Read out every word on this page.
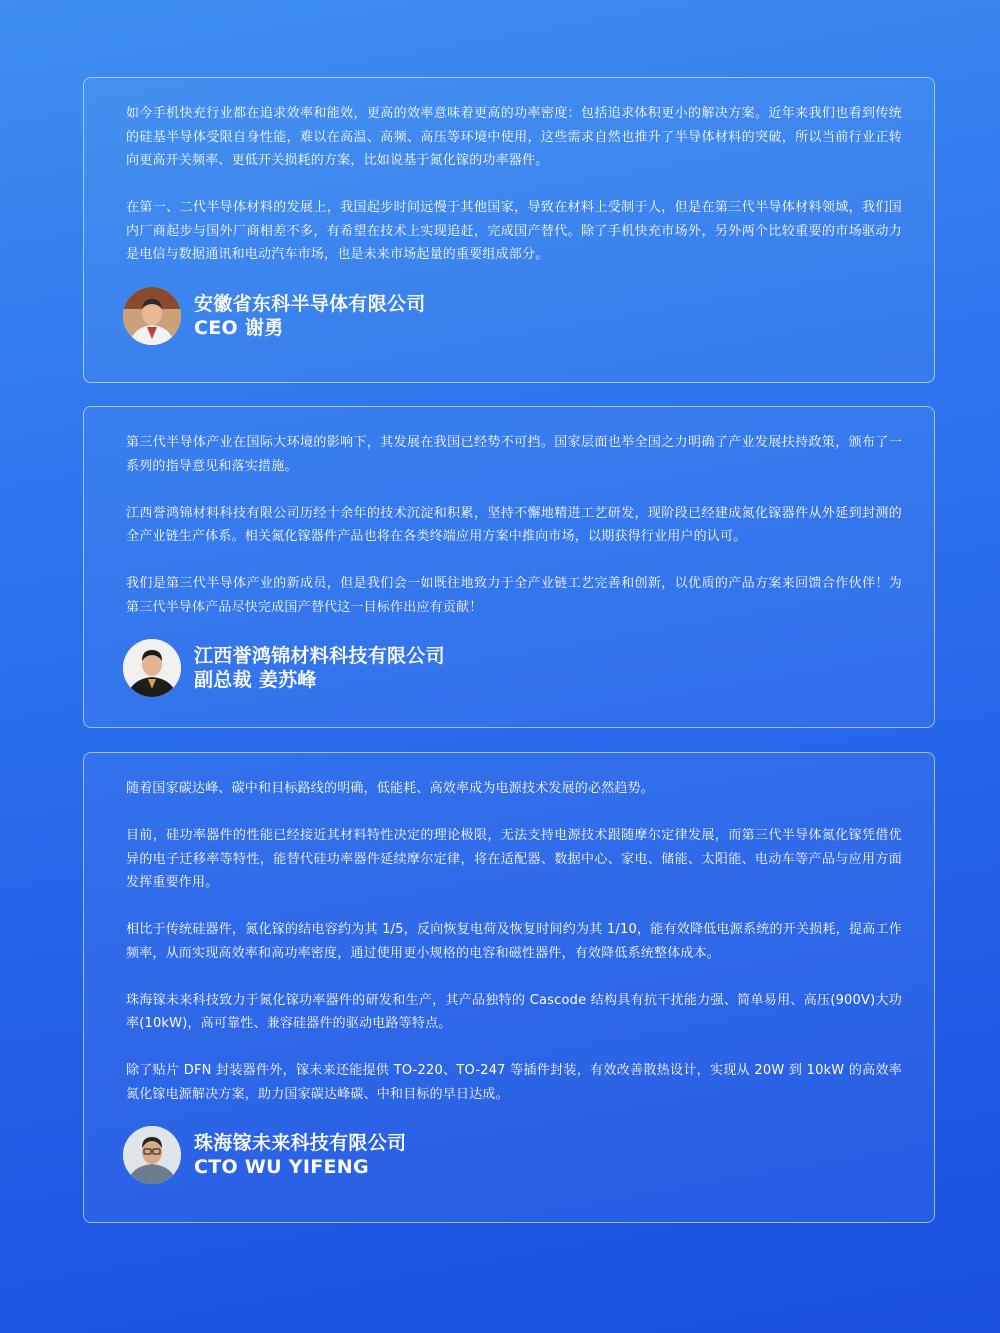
如今手机快充行业都在追求效率和能效，更高的效率意味着更高的功率密度：包括追求体积更小的解决方案。近年来我们也看到传统的硅基半导体受限自身性能，难以在高温、高频、高压等环境中使用，这些需求自然也推升了半导体材料的突破，所以当前行业正转向更高开关频率、更低开关损耗的方案，比如说基于氮化镓的功率器件。

在第一、二代半导体材料的发展上，我国起步时间远慢于其他国家，导致在材料上受制于人，但是在第三代半导体材料领域，我们国内厂商起步与国外厂商相差不多，有希望在技术上实现追赶，完成国产替代。除了手机快充市场外，另外两个比较重要的市场驱动力是电信与数据通讯和电动汽车市场，也是未来市场起量的重要组成部分。

安徽省东科半导体有限公司
CEO 谢勇

第三代半导体产业在国际大环境的影响下，其发展在我国已经势不可挡。国家层面也举全国之力明确了产业发展扶持政策，颁布了一系列的指导意见和落实措施。

江西誉鸿锦材料科技有限公司历经十余年的技术沉淀和积累，坚持不懈地精进工艺研发，现阶段已经建成氮化镓器件从外延到封测的全产业链生产体系。相关氮化镓器件产品也将在各类终端应用方案中推向市场，以期获得行业用户的认可。

我们是第三代半导体产业的新成员，但是我们会一如既往地致力于全产业链工艺完善和创新，以优质的产品方案来回馈合作伙伴！为第三代半导体产品尽快完成国产替代这一目标作出应有贡献！

江西誉鸿锦材料科技有限公司
副总裁 姜苏峰

随着国家碳达峰、碳中和目标路线的明确，低能耗、高效率成为电源技术发展的必然趋势。

目前，硅功率器件的性能已经接近其材料特性决定的理论极限，无法支持电源技术跟随摩尔定律发展，而第三代半导体氮化镓凭借优异的电子迁移率等特性，能替代硅功率器件延续摩尔定律，将在适配器、数据中心、家电、储能、太阳能、电动车等产品与应用方面发挥重要作用。

相比于传统硅器件，氮化镓的结电容约为其 1/5，反向恢复电荷及恢复时间约为其 1/10，能有效降低电源系统的开关损耗，提高工作频率，从而实现高效率和高功率密度，通过使用更小规格的电容和磁性器件，有效降低系统整体成本。

珠海镓未来科技致力于氮化镓功率器件的研发和生产，其产品独特的 Cascode 结构具有抗干扰能力强、简单易用、高压(900V)大功率(10kW)，高可靠性、兼容硅器件的驱动电路等特点。

除了贴片 DFN 封装器件外，镓未来还能提供 TO-220、TO-247 等插件封装，有效改善散热设计，实现从 20W 到 10kW 的高效率氮化镓电源解决方案，助力国家碳达峰碳、中和目标的早日达成。

珠海镓未来科技有限公司
CTO WU YIFENG
